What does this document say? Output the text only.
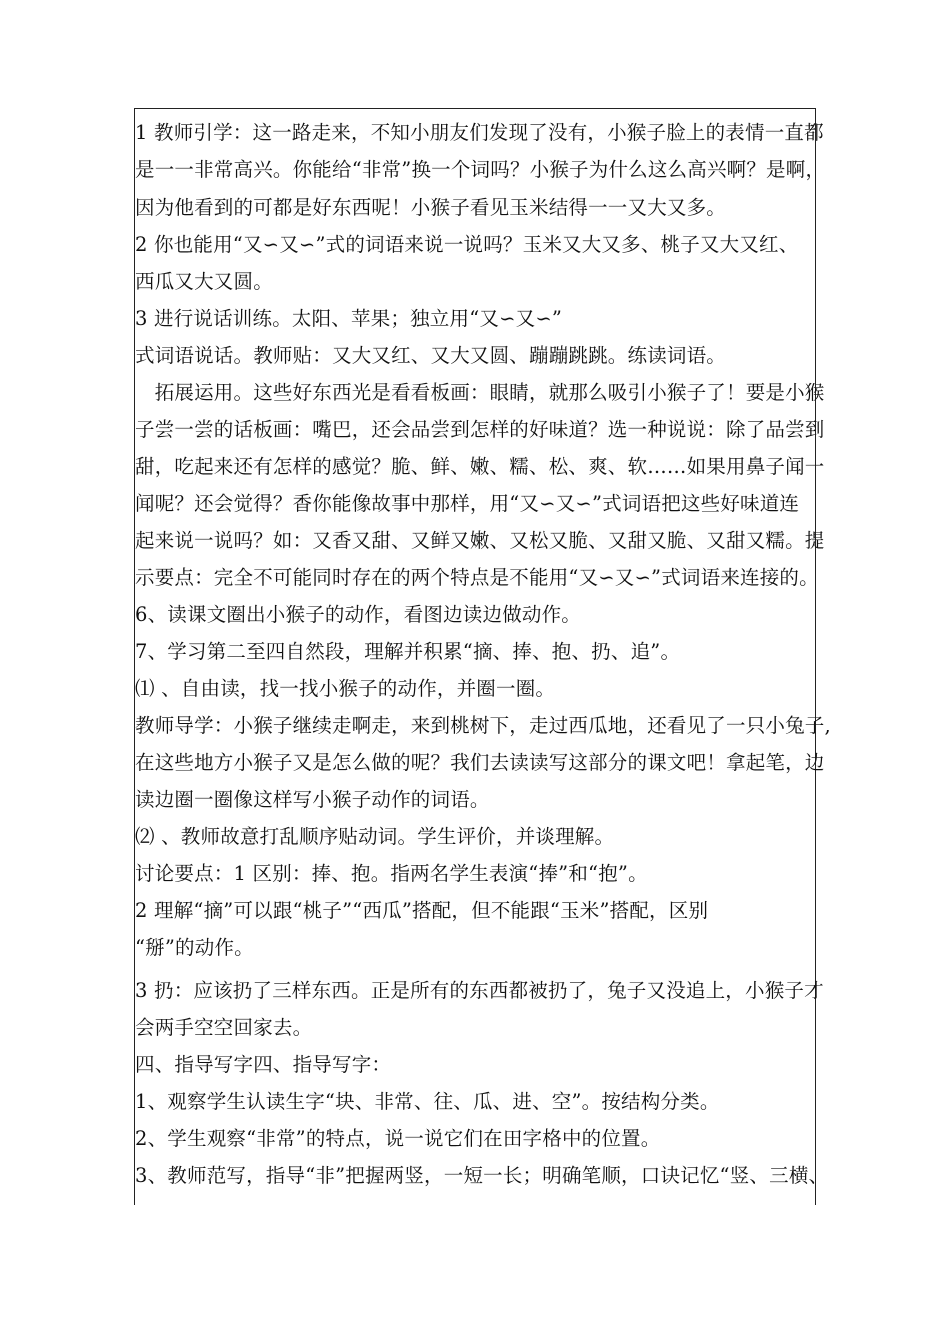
1 教师引学：这一路走来，不知小朋友们发现了没有，小猴子脸上的表情一直都
是一一非常高兴。你能给“非常”换一个词吗？小猴子为什么这么高兴啊？是啊，
因为他看到的可都是好东西呢！小猴子看见玉米结得一一又大又多。
2 你也能用“又∽又∽”式的词语来说一说吗？玉米又大又多、桃子又大又红、
西瓜又大又圆。
3 进行说话训练。太阳、苹果；独立用“又∽又∽”
式词语说话。教师贴：又大又红、又大又圆、蹦蹦跳跳。练读词语。
　拓展运用。这些好东西光是看看板画：眼睛，就那么吸引小猴子了！要是小猴
子尝一尝的话板画：嘴巴，还会品尝到怎样的好味道？选一种说说：除了品尝到
甜，吃起来还有怎样的感觉？脆、鲜、嫩、糯、松、爽、软……如果用鼻子闻一
闻呢？还会觉得？香你能像故事中那样，用“又∽又∽”式词语把这些好味道连
起来说一说吗？如：又香又甜、又鲜又嫩、又松又脆、又甜又脆、又甜又糯。提
示要点：完全不可能同时存在的两个特点是不能用“又∽又∽”式词语来连接的。
6、读课文圈出小猴子的动作，看图边读边做动作。
7、学习第二至四自然段，理解并积累“摘、捧、抱、扔、追”。
⑴ 、自由读，找一找小猴子的动作，并圈一圈。
教师导学：小猴子继续走啊走，来到桃树下，走过西瓜地，还看见了一只小兔子,
在这些地方小猴子又是怎么做的呢？我们去读读写这部分的课文吧！拿起笔，边
读边圈一圈像这样写小猴子动作的词语。
⑵ 、教师故意打乱顺序贴动词。学生评价，并谈理解。
讨论要点：1 区别：捧、抱。指两名学生表演“捧”和“抱”。
2 理解“摘”可以跟“桃子”“西瓜”搭配，但不能跟“玉米”搭配，区别
“掰”的动作。
3 扔：应该扔了三样东西。正是所有的东西都被扔了，兔子又没追上，小猴子才
会两手空空回家去。
四、指导写字四、指导写字：
1、观察学生认读生字“块、非常、往、瓜、进、空”。按结构分类。
2、学生观察“非常”的特点，说一说它们在田字格中的位置。
3、教师范写，指导“非”把握两竖，一短一长；明确笔顺，口诀记忆“竖、三横、
